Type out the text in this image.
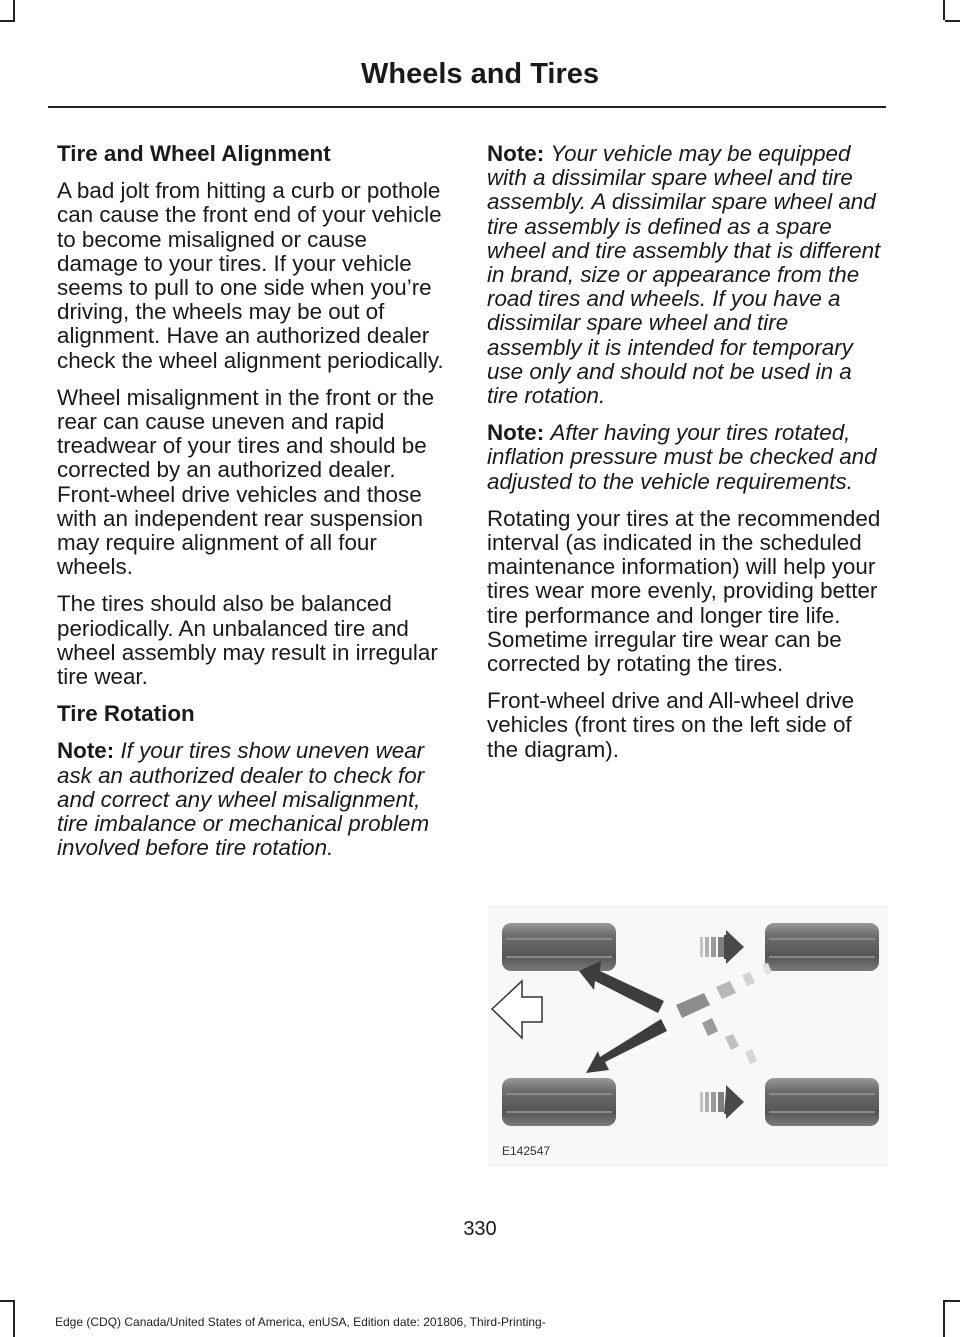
Wheels and Tires
Tire and Wheel Alignment

A bad jolt from hitting a curb or pothole can cause the front end of your vehicle to become misaligned or cause damage to your tires. If your vehicle seems to pull to one side when you’re driving, the wheels may be out of alignment. Have an authorized dealer check the wheel alignment periodically.

Wheel misalignment in the front or the rear can cause uneven and rapid treadwear of your tires and should be corrected by an authorized dealer. Front-wheel drive vehicles and those with an independent rear suspension may require alignment of all four wheels.

The tires should also be balanced periodically. An unbalanced tire and wheel assembly may result in irregular tire wear.

Tire Rotation

Note: If your tires show uneven wear ask an authorized dealer to check for and correct any wheel misalignment, tire imbalance or mechanical problem involved before tire rotation.

Note: Your vehicle may be equipped with a dissimilar spare wheel and tire assembly. A dissimilar spare wheel and tire assembly is defined as a spare wheel and tire assembly that is different in brand, size or appearance from the road tires and wheels. If you have a dissimilar spare wheel and tire assembly it is intended for temporary use only and should not be used in a tire rotation.

Note: After having your tires rotated, inflation pressure must be checked and adjusted to the vehicle requirements.

Rotating your tires at the recommended interval (as indicated in the scheduled maintenance information) will help your tires wear more evenly, providing better tire performance and longer tire life. Sometime irregular tire wear can be corrected by rotating the tires.

Front-wheel drive and All-wheel drive vehicles (front tires on the left side of the diagram).

E142547
330
Edge (CDQ) Canada/United States of America, enUSA, Edition date: 201806, Third-Printing-
